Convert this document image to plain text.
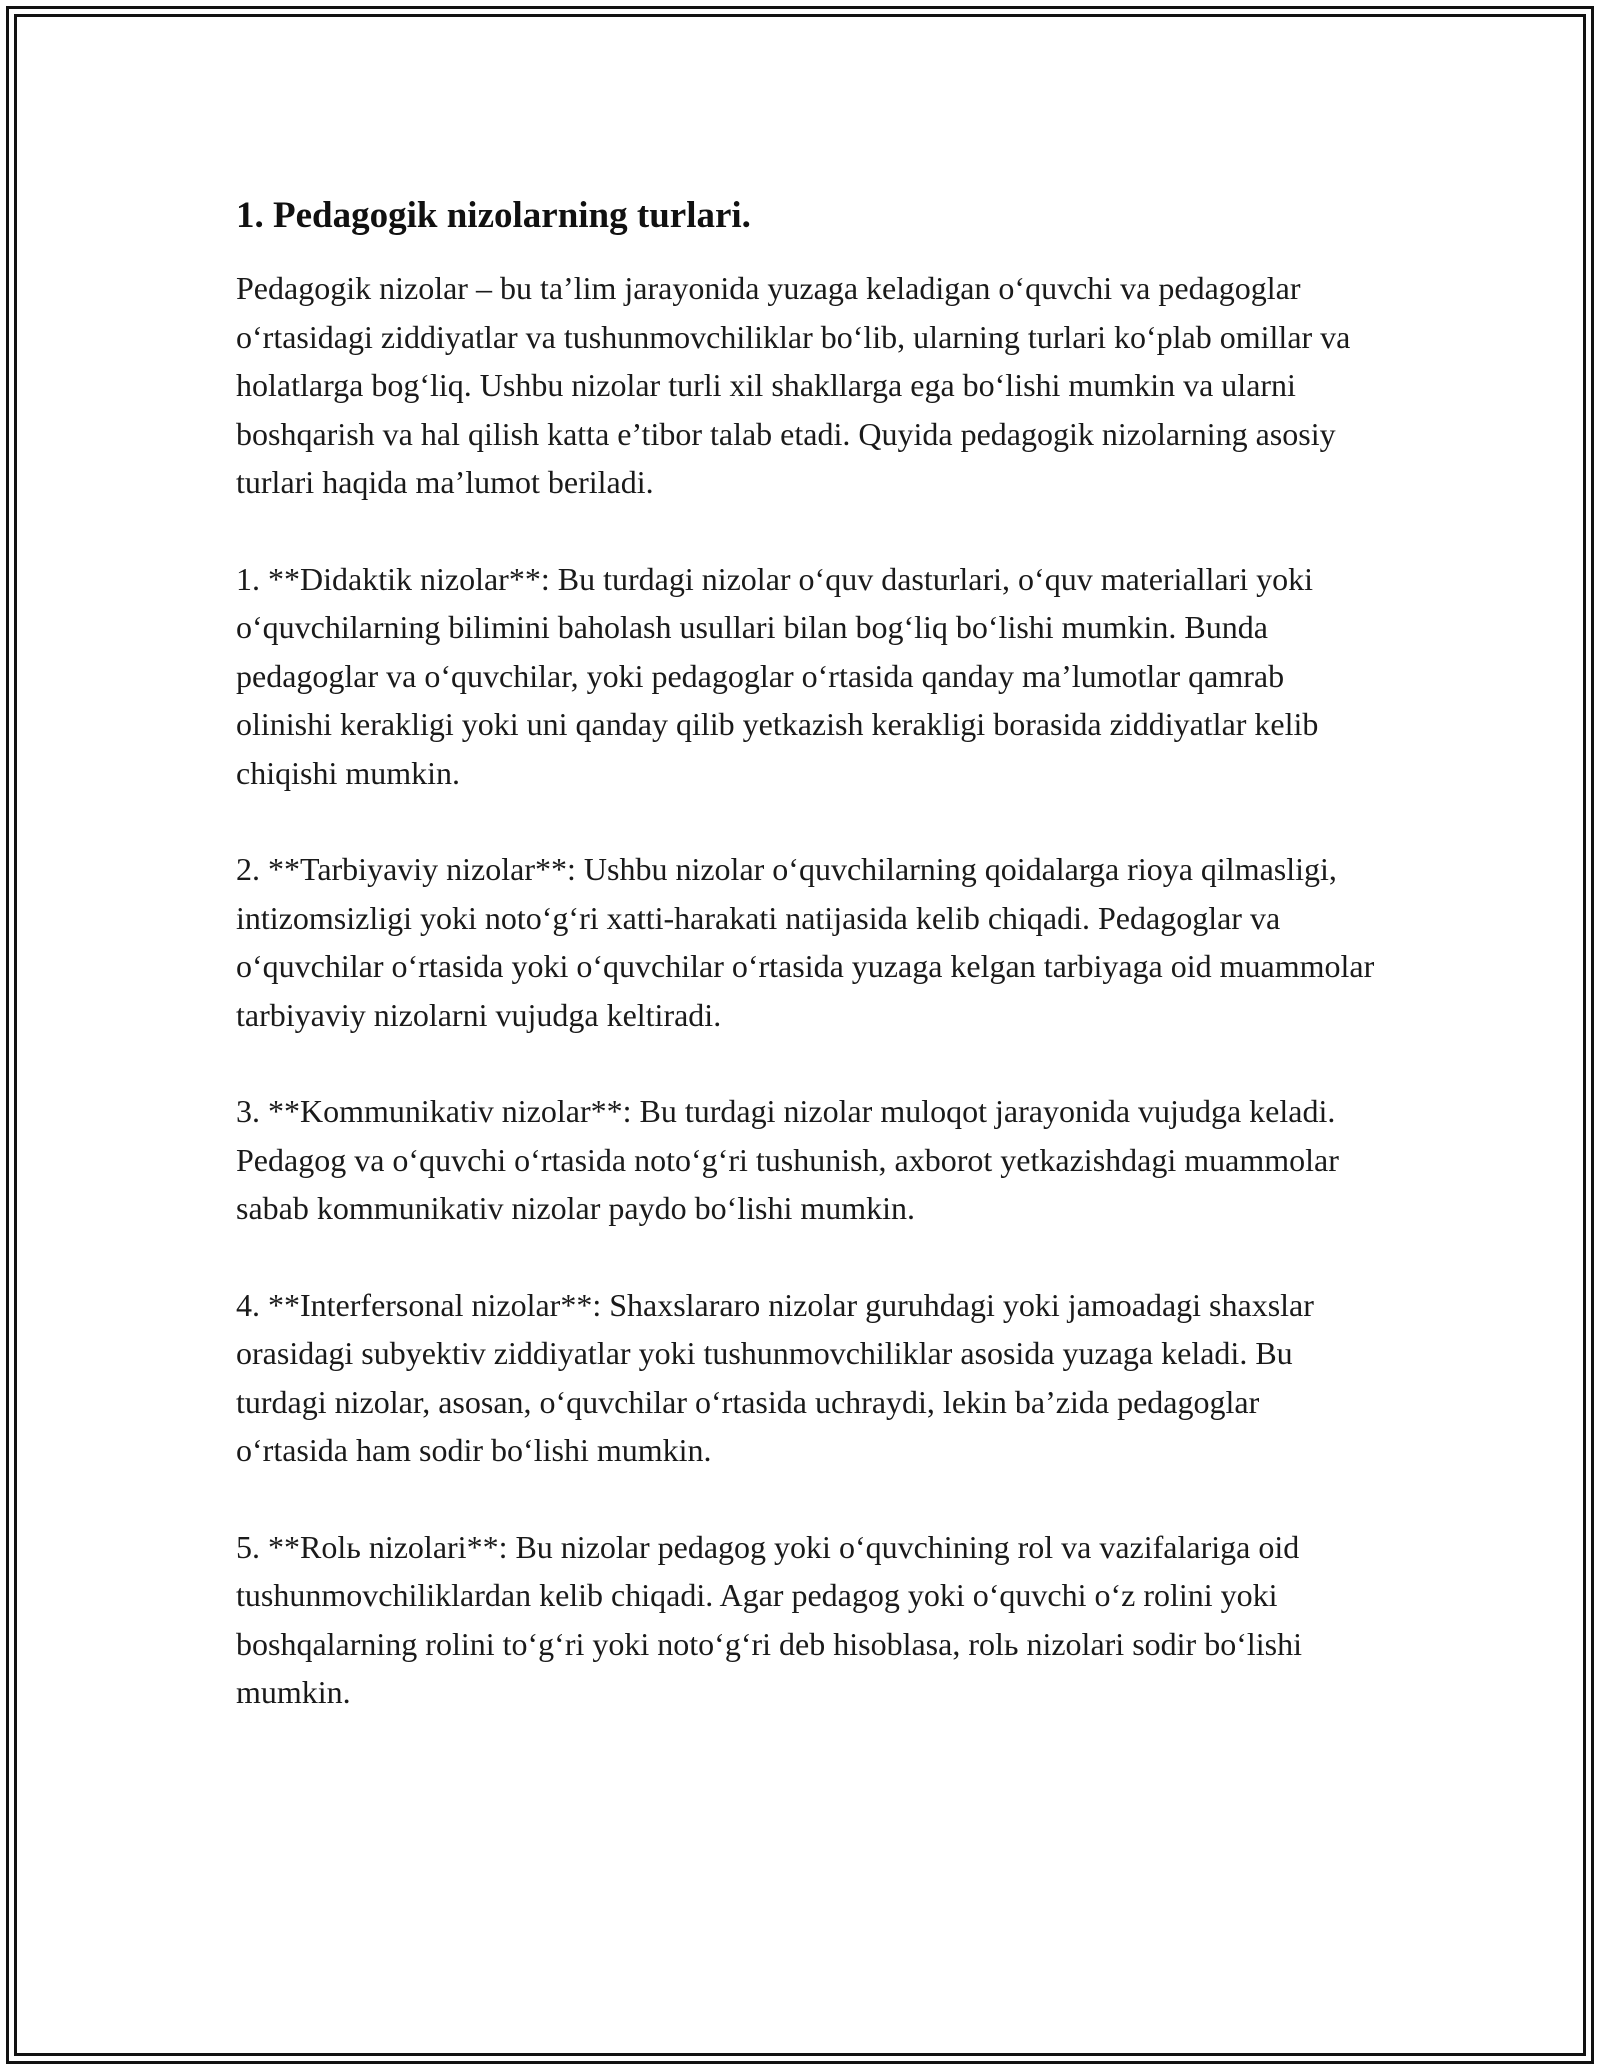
1. Pedagogik nizolarning turlari.

Pedagogik nizolar – bu ta’lim jarayonida yuzaga keladigan o‘quvchi va pedagoglar o‘rtasidagi ziddiyatlar va tushunmovchiliklar bo‘lib, ularning turlari ko‘plab omillar va holatlarga bog‘liq. Ushbu nizolar turli xil shakllarga ega bo‘lishi mumkin va ularni boshqarish va hal qilish katta e’tibor talab etadi. Quyida pedagogik nizolarning asosiy turlari haqida ma’lumot beriladi.

1. **Didaktik nizolar**: Bu turdagi nizolar o‘quv dasturlari, o‘quv materiallari yoki o‘quvchilarning bilimini baholash usullari bilan bog‘liq bo‘lishi mumkin. Bunda pedagoglar va o‘quvchilar, yoki pedagoglar o‘rtasida qanday ma’lumotlar qamrab olinishi kerakligi yoki uni qanday qilib yetkazish kerakligi borasida ziddiyatlar kelib chiqishi mumkin.

2. **Tarbiyaviy nizolar**: Ushbu nizolar o‘quvchilarning qoidalarga rioya qilmasligi, intizomsizligi yoki noto‘g‘ri xatti-harakati natijasida kelib chiqadi. Pedagoglar va o‘quvchilar o‘rtasida yoki o‘quvchilar o‘rtasida yuzaga kelgan tarbiyaga oid muammolar tarbiyaviy nizolarni vujudga keltiradi.

3. **Kommunikativ nizolar**: Bu turdagi nizolar muloqot jarayonida vujudga keladi. Pedagog va o‘quvchi o‘rtasida noto‘g‘ri tushunish, axborot yetkazishdagi muammolar sabab kommunikativ nizolar paydo bo‘lishi mumkin.

4. **Interfersonal nizolar**: Shaxslararo nizolar guruhdagi yoki jamoadagi shaxslar orasidagi subyektiv ziddiyatlar yoki tushunmovchiliklar asosida yuzaga keladi. Bu turdagi nizolar, asosan, o‘quvchilar o‘rtasida uchraydi, lekin ba’zida pedagoglar o‘rtasida ham sodir bo‘lishi mumkin.

5. **Rolь nizolari**: Bu nizolar pedagog yoki o‘quvchining rol va vazifalariga oid tushunmovchiliklardan kelib chiqadi. Agar pedagog yoki o‘quvchi o‘z rolini yoki boshqalarning rolini to‘g‘ri yoki noto‘g‘ri deb hisoblasa, rolь nizolari sodir bo‘lishi mumkin.
